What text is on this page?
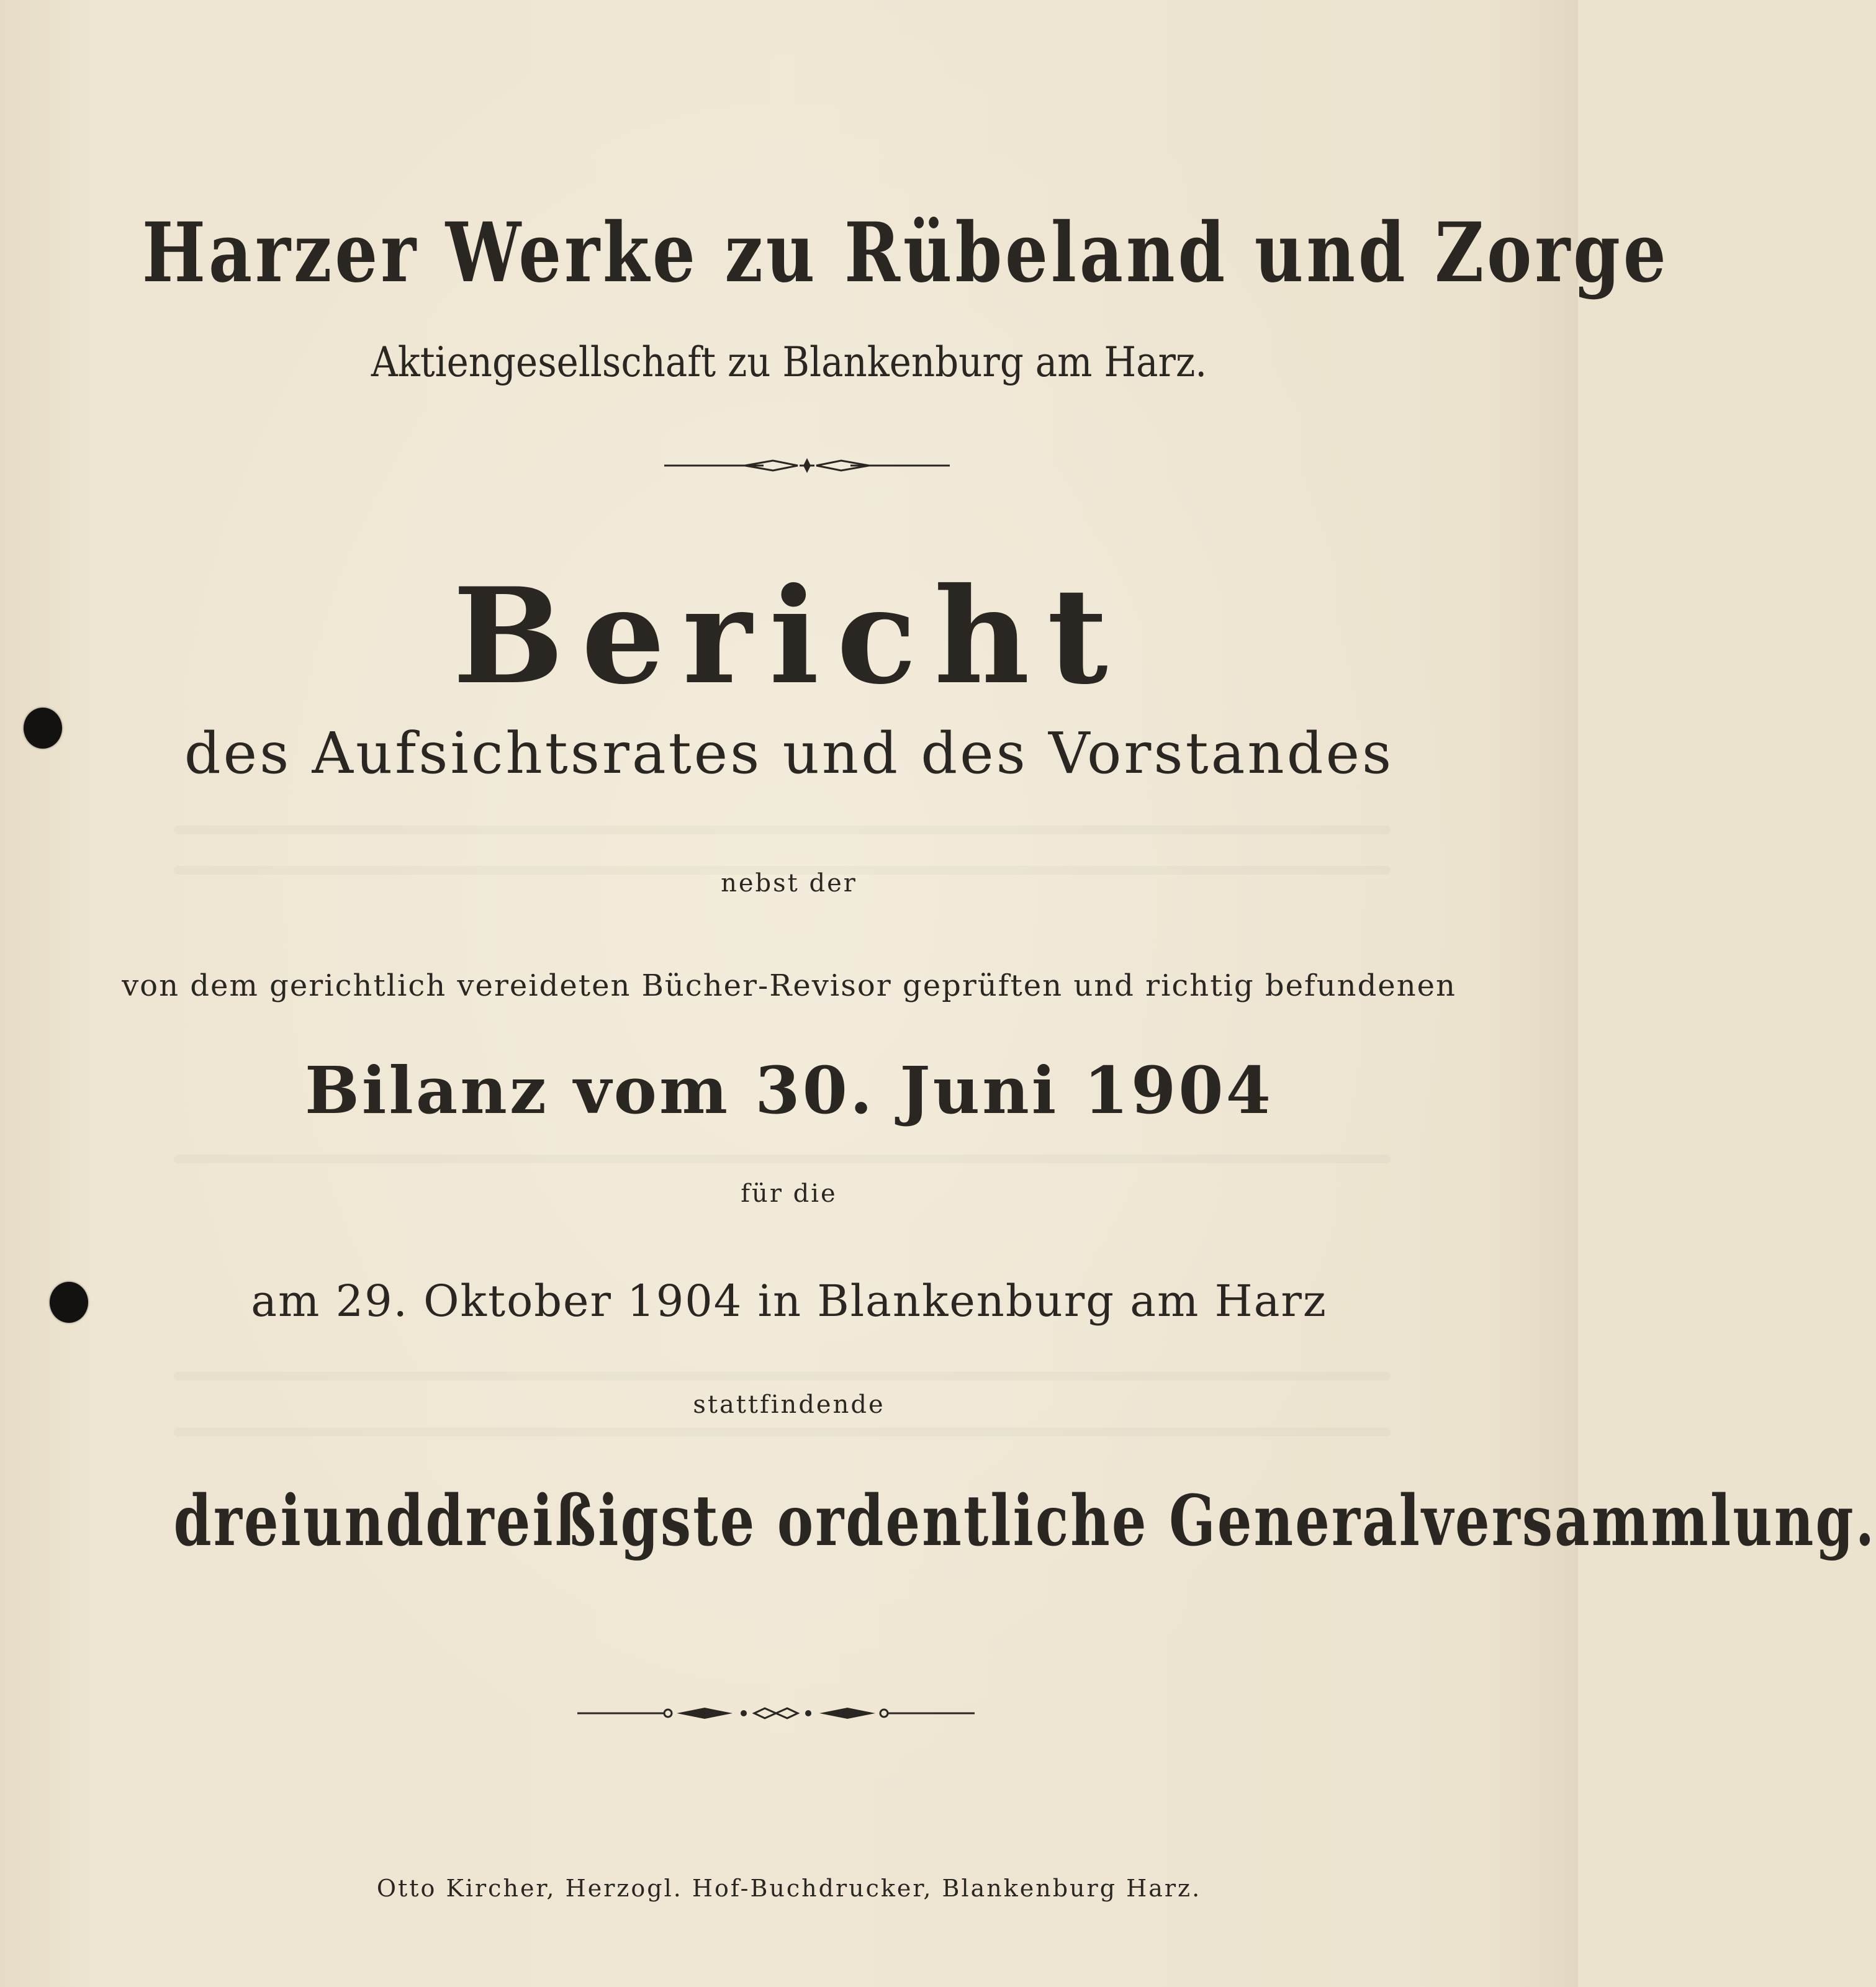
Harzer Werke zu Rübeland und Zorge
Aktiengesellschaft zu Blankenburg am Harz.
Bericht
des Aufsichtsrates und des Vorstandes
nebst der
von dem gerichtlich vereideten Bücher-Revisor geprüften und richtig befundenen
Bilanz vom 30. Juni 1904
für die
am 29. Oktober 1904 in Blankenburg am Harz
stattfindende
dreiunddreißigste ordentliche Generalversammlung.
Otto Kircher, Herzogl. Hof-Buchdrucker, Blankenburg Harz.
